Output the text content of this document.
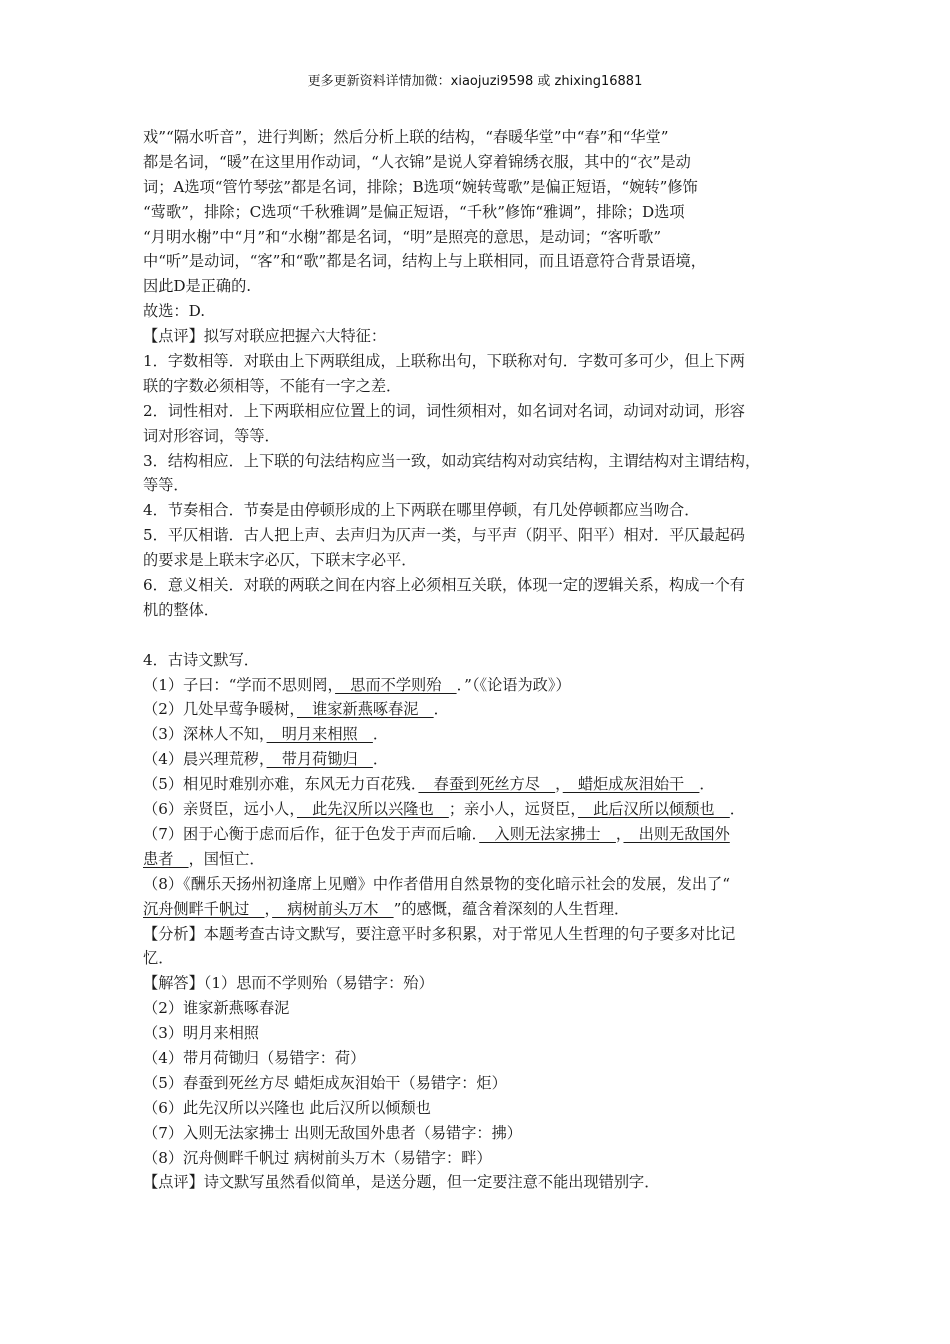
更多更新资料详情加微：xiaojuzi9598 或 zhixing16881
戏”“隔水听音”，进行判断；然后分析上联的结构，“春暖华堂”中“春”和“华堂”
都是名词，“暖”在这里用作动词，“人衣锦”是说人穿着锦绣衣服，其中的“衣”是动
词；A选项“管竹琴弦”都是名词，排除；B选项“婉转莺歌”是偏正短语，“婉转”修饰
“莺歌”，排除；C选项“千秋雅调”是偏正短语，“千秋”修饰“雅调”，排除；D选项
“月明水榭”中“月”和“水榭”都是名词，“明”是照亮的意思，是动词；“客听歌”
中“听”是动词，“客”和“歌”都是名词，结构上与上联相同，而且语意符合背景语境，
因此D是正确的.
故选：D.
【点评】拟写对联应把握六大特征：
1．字数相等．对联由上下两联组成，上联称出句，下联称对句．字数可多可少，但上下两
联的字数必须相等，不能有一字之差．
2．词性相对．上下两联相应位置上的词，词性须相对，如名词对名词，动词对动词，形容
词对形容词，等等．
3．结构相应．上下联的句法结构应当一致，如动宾结构对动宾结构，主谓结构对主谓结构，
等等．
4．节奏相合．节奏是由停顿形成的上下两联在哪里停顿，有几处停顿都应当吻合．
5．平仄相谐．古人把上声、去声归为仄声一类，与平声（阴平、阳平）相对．平仄最起码
的要求是上联末字必仄，下联末字必平．
6．意义相关．对联的两联之间在内容上必须相互关联，体现一定的逻辑关系，构成一个有
机的整体．
4．古诗文默写．
（1）子曰：“学而不思则罔，　思而不学则殆　．”（《论语为政》）
（2）几处早莺争暖树，　谁家新燕啄春泥　．
（3）深林人不知，　明月来相照　．
（4）晨兴理荒秽，　带月荷锄归　．
（5）相见时难别亦难，东风无力百花残．　春蚕到死丝方尽　，　蜡炬成灰泪始干　．
（6）亲贤臣，远小人，　此先汉所以兴隆也　；亲小人，远贤臣，　此后汉所以倾颓也　．
（7）困于心衡于虑而后作，征于色发于声而后喻．　入则无法家拂士　，　出则无敌国外
患者　，国恒亡．
（8）《酬乐天扬州初逢席上见赠》中作者借用自然景物的变化暗示社会的发展，发出了“
沉舟侧畔千帆过　，　病树前头万木　”的感慨，蕴含着深刻的人生哲理．
【分析】本题考查古诗文默写，要注意平时多积累，对于常见人生哲理的句子要多对比记
忆．
【解答】（1）思而不学则殆（易错字：殆）
（2）谁家新燕啄春泥
（3）明月来相照
（4）带月荷锄归（易错字：荷）
（5）春蚕到死丝方尽 蜡炬成灰泪始干（易错字：炬）
（6）此先汉所以兴隆也 此后汉所以倾颓也
（7）入则无法家拂士 出则无敌国外患者（易错字：拂）
（8）沉舟侧畔千帆过 病树前头万木（易错字：畔）
【点评】诗文默写虽然看似简单，是送分题，但一定要注意不能出现错别字．
